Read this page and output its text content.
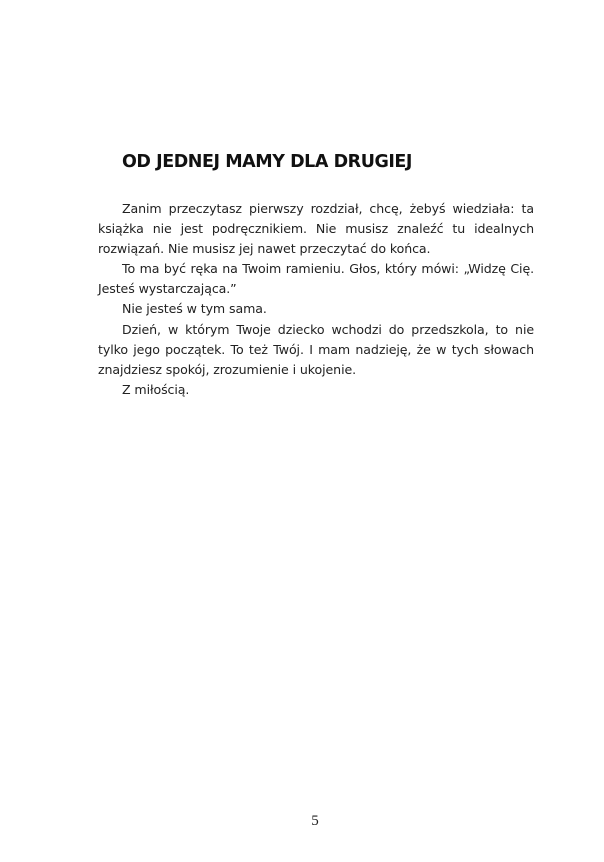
OD JEDNEJ MAMY DLA DRUGIEJ

Zanim przeczytasz pierwszy rozdział, chcę, żebyś wiedziała: ta książka nie jest podręcznikiem. Nie musisz znaleźć tu idealnych rozwiązań. Nie musisz jej nawet przeczytać do końca.

To ma być ręka na Twoim ramieniu. Głos, który mówi: „Widzę Cię. Jesteś wystarczająca.”

Nie jesteś w tym sama.

Dzień, w którym Twoje dziecko wchodzi do przedszkola, to nie tylko jego początek. To też Twój. I mam nadzieję, że w tych słowach znajdziesz spokój, zrozumienie i ukojenie.

Z miłością.

5
